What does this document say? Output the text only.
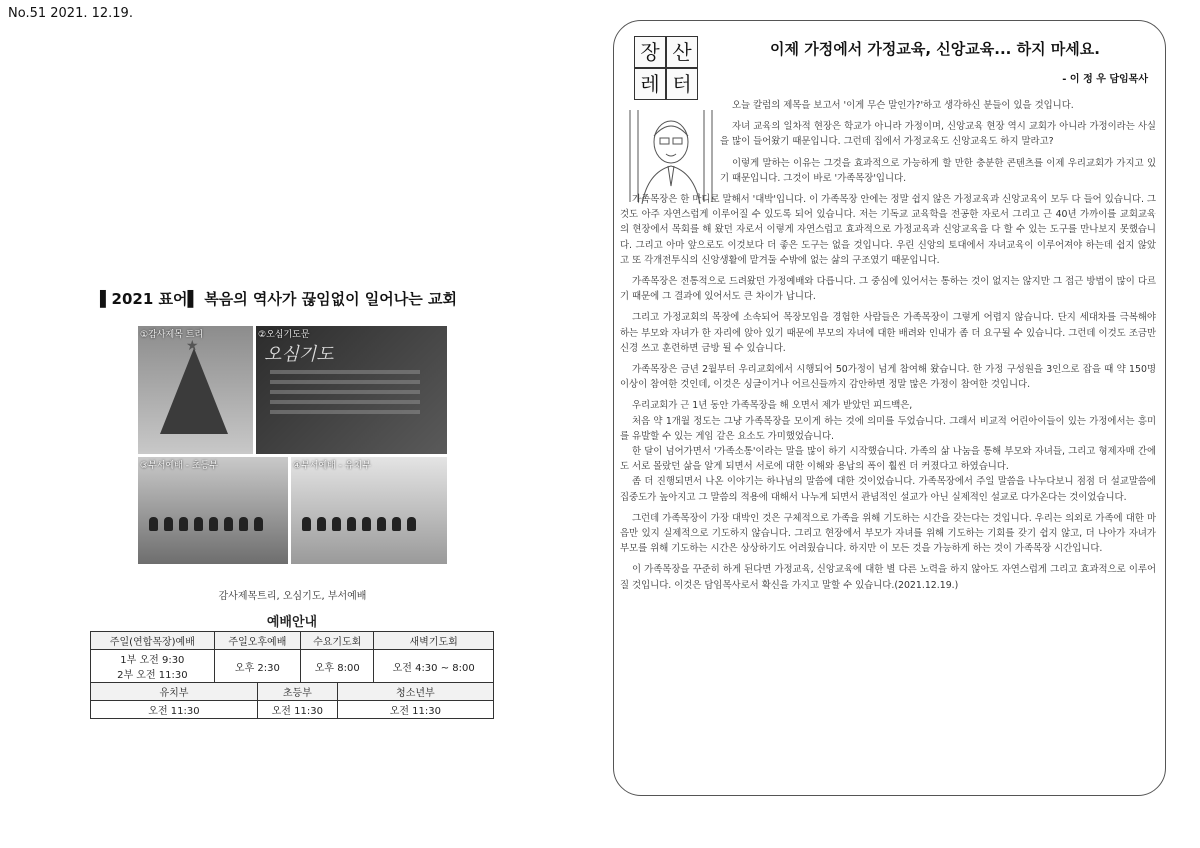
No.51 2021. 12.19.
▌2021 표어▌ 복음의 역사가 끊임없이 일어나는 교회
★
①감사제목 트리	②오심기도문
오심기도
③부서예배 - 초등부	④부서예배 - 유치부
감사제목트리, 오심기도, 부서예배
예배안내					
주일(연합목장)예배	주일오후예배		수요기도회		새벽기도회
1부 오전 9:30
2부 오전 11:30	오후 2:30		오후 8:00		오전 4:30 ~ 8:00
유치부		초등부		청소년부	
오전 11:30		오전 11:30		오전 11:30	
장 산
레 터
이제 가정에서 가정교육, 신앙교육... 하지 마세요.
- 이 정 우 담임목사

오늘 칼럼의 제목을 보고서 '이게 무슨 말인가?'하고 생각하신 분들이 있을 것입니다.

자녀 교육의 일차적 현장은 학교가 아니라 가정이며, 신앙교육 현장 역시 교회가 아니라 가정이라는 사실을 많이 들어왔기 때문입니다. 그런데 집에서 가정교육도 신앙교육도 하지 말라고?

이렇게 말하는 이유는 그것을 효과적으로 가능하게 할 만한 충분한 콘텐츠를 이제 우리교회가 가지고 있기 때문입니다. 그것이 바로 '가족목장'입니다.

가족목장은 한 마디로 말해서 '대박'입니다. 이 가족목장 안에는 정말 쉽지 않은 가정교육과 신앙교육이 모두 다 들어 있습니다. 그것도 아주 자연스럽게 이루어질 수 있도록 되어 있습니다. 저는 기독교 교육학을 전공한 자로서 그리고 근 40년 가까이를 교회교육의 현장에서 목회를 해 왔던 자로서 이렇게 자연스럽고 효과적으로 가정교육과 신앙교육을 다 할 수 있는 도구를 만나보지 못했습니다. 그리고 아마 앞으로도 이것보다 더 좋은 도구는 없을 것입니다. 우린 신앙의 토대에서 자녀교육이 이루어져야 하는데 쉽지 않았고 또 각개전투식의 신앙생활에 맡겨둘 수밖에 없는 삶의 구조였기 때문입니다.

가족목장은 전통적으로 드려왔던 가정예배와 다릅니다. 그 중심에 있어서는 통하는 것이 없지는 않지만 그 접근 방법이 많이 다르기 때문에 그 결과에 있어서도 큰 차이가 납니다.

그리고 가정교회의 목장에 소속되어 목장모임을 경험한 사람들은 가족목장이 그렇게 어렵지 않습니다. 단지 세대차를 극복해야 하는 부모와 자녀가 한 자리에 앉아 있기 때문에 부모의 자녀에 대한 배려와 인내가 좀 더 요구될 수 있습니다. 그런데 이것도 조금만 신경 쓰고 훈련하면 금방 될 수 있습니다.

가족목장은 금년 2월부터 우리교회에서 시행되어 50가정이 넘게 참여해 왔습니다. 한 가정 구성원을 3인으로 잡을 때 약 150명 이상이 참여한 것인데, 이것은 싱글이거나 어르신들까지 감안하면 정말 많은 가정이 참여한 것입니다.

우리교회가 근 1년 동안 가족목장을 해 오면서 제가 받았던 피드백은,

처음 약 1개월 정도는 그냥 가족목장을 모이게 하는 것에 의미를 두었습니다. 그래서 비교적 어린아이들이 있는 가정에서는 흥미를 유발할 수 있는 게임 같은 요소도 가미했었습니다.

한 달이 넘어가면서 '가족소통'이라는 말을 많이 하기 시작했습니다. 가족의 삶 나눔을 통해 부모와 자녀들, 그리고 형제자매 간에도 서로 몰랐던 삶을 알게 되면서 서로에 대한 이해와 용납의 폭이 훨씬 더 커졌다고 하였습니다.

좀 더 진행되면서 나온 이야기는 하나님의 말씀에 대한 것이었습니다. 가족목장에서 주일 말씀을 나누다보니 점점 더 설교말씀에 집중도가 높아지고 그 말씀의 적용에 대해서 나누게 되면서 관념적인 설교가 아닌 실제적인 설교로 다가온다는 것이었습니다.

그런데 가족목장이 가장 대박인 것은 구체적으로 가족을 위해 기도하는 시간을 갖는다는 것입니다. 우리는 의외로 가족에 대한 마음만 있지 실제적으로 기도하지 않습니다. 그리고 현장에서 부모가 자녀를 위해 기도하는 기회를 갖기 쉽지 않고, 더 나아가 자녀가 부모를 위해 기도하는 시간은 상상하기도 어려웠습니다. 하지만 이 모든 것을 가능하게 하는 것이 가족목장 시간입니다.

이 가족목장을 꾸준히 하게 된다면 가정교육, 신앙교육에 대한 별 다른 노력을 하지 않아도 자연스럽게 그리고 효과적으로 이루어질 것입니다. 이것은 담임목사로서 확신을 가지고 말할 수 있습니다.(2021.12.19.)
